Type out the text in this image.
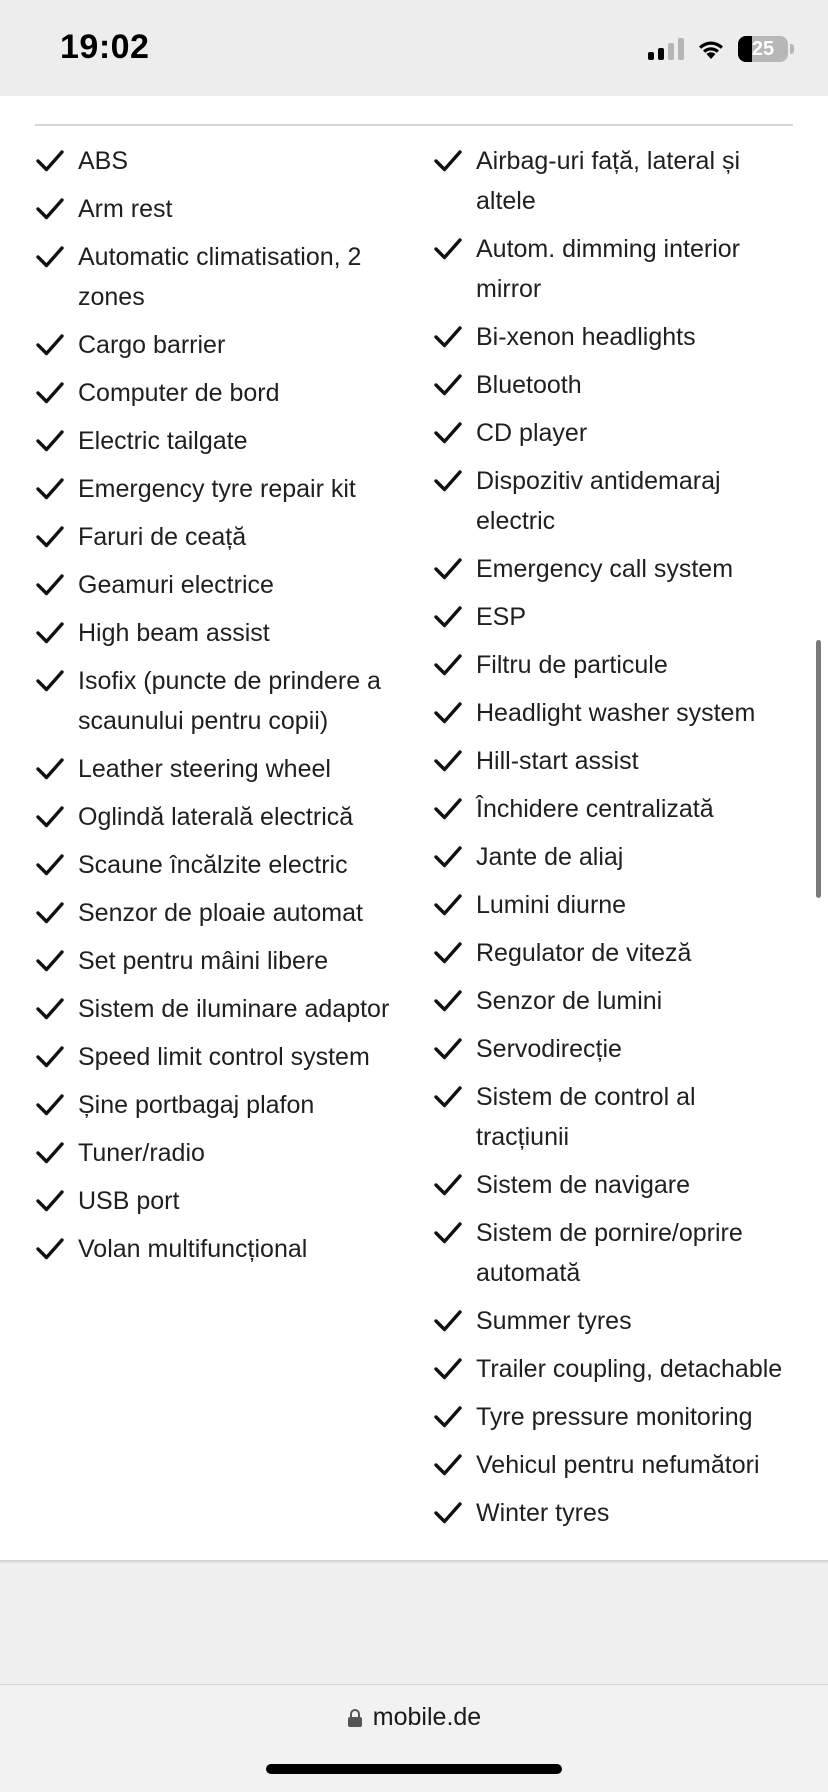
19:02	25
ABS
Arm rest
Automatic climatisation, 2 zones
Cargo barrier
Computer de bord
Electric tailgate
Emergency tyre repair kit
Faruri de ceață
Geamuri electrice
High beam assist
Isofix (puncte de prindere a scaunului pentru copii)
Leather steering wheel
Oglindă laterală electrică
Scaune încălzite electric
Senzor de ploaie automat
Set pentru mâini libere
Sistem de iluminare adaptor
Speed limit control system
Șine portbagaj plafon
Tuner/radio
USB port
Volan multifuncțional
Airbag-uri față, lateral și altele
Autom. dimming interior mirror
Bi-xenon headlights
Bluetooth
CD player
Dispozitiv antidemaraj electric
Emergency call system
ESP
Filtru de particule
Headlight washer system
Hill-start assist
Închidere centralizată
Jante de aliaj
Lumini diurne
Regulator de viteză
Senzor de lumini
Servodirecție
Sistem de control al tracțiunii
Sistem de navigare
Sistem de pornire/oprire automată
Summer tyres
Trailer coupling, detachable
Tyre pressure monitoring
Vehicul pentru nefumători
Winter tyres
mobile.de
